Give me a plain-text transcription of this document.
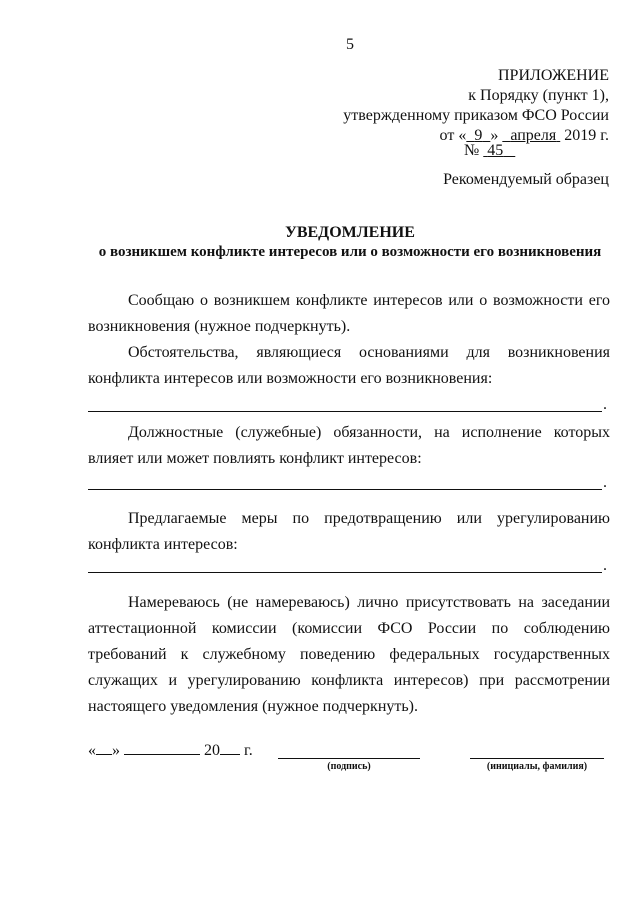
5
ПРИЛОЖЕНИЕ
к Порядку (пункт 1),
утвержденному приказом ФСО России
от « 9 » апреля 2019 г.
№ 45
Рекомендуемый образец
УВЕДОМЛЕНИЕ
о возникшем конфликте интересов или о возможности его возникновения
Сообщаю о возникшем конфликте интересов или о возможности его возникновения (нужное подчеркнуть).
Обстоятельства, являющиеся основаниями для возникновения конфликта интересов или возможности его возникновения:
.
Должностные (служебные) обязанности, на исполнение которых влияет или может повлиять конфликт интересов:
.
Предлагаемые меры по предотвращению или урегулированию конфликта интересов:
.
Намереваюсь (не намереваюсь) лично присутствовать на заседании аттестационной комиссии (комиссии ФСО России по соблюдению требований к служебному поведению федеральных государственных служащих и урегулированию конфликта интересов) при рассмотрении настоящего уведомления (нужное подчеркнуть).
« »	20 г.
(подпись)	(инициалы, фамилия)
